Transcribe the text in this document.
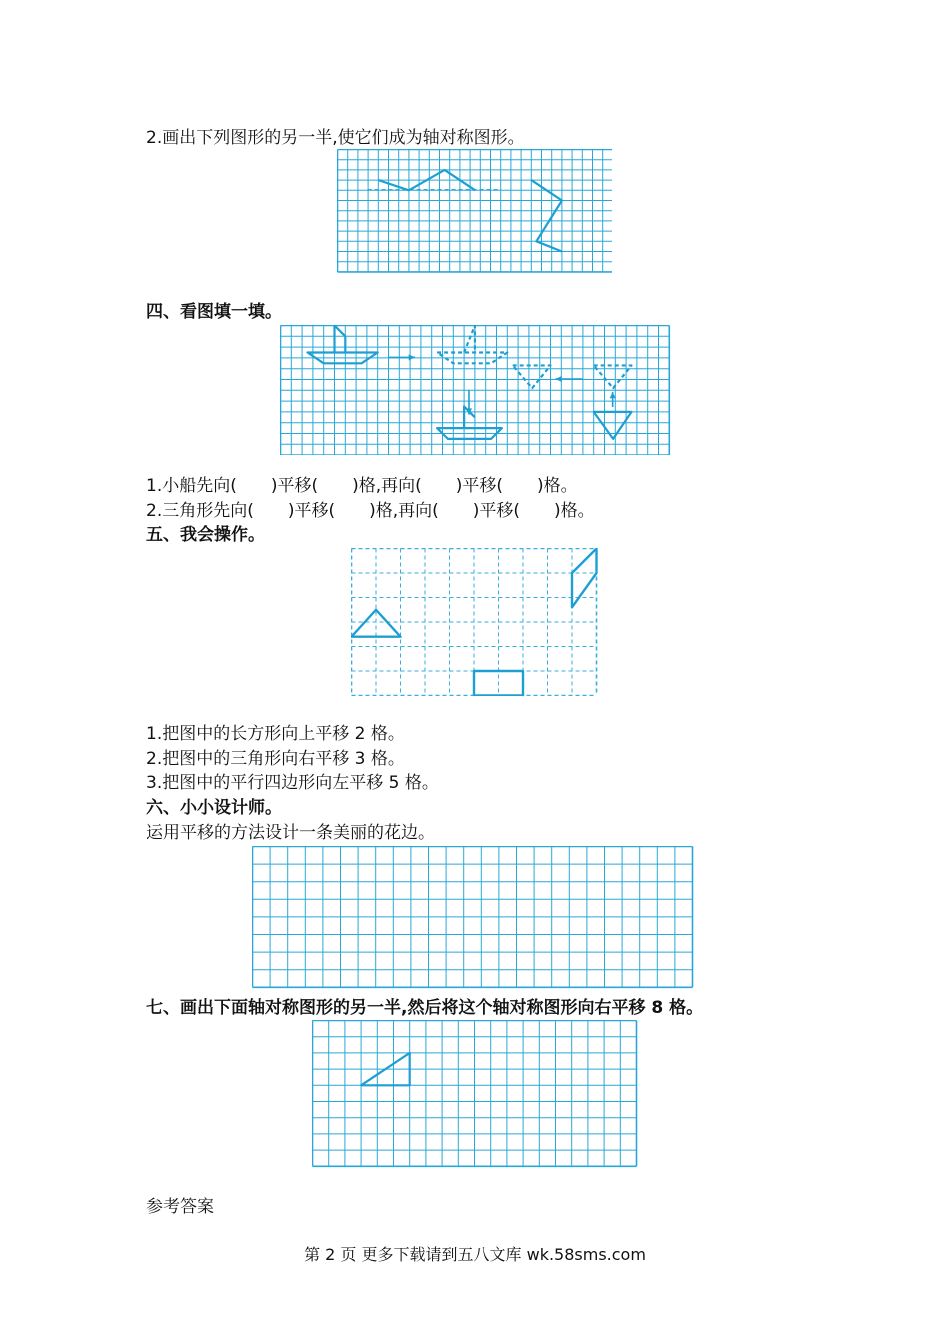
2.画出下列图形的另一半,使它们成为轴对称图形。
四、看图填一填。
1.小船先向(　　)平移(　　)格,再向(　　)平移(　　)格。
2.三角形先向(　　)平移(　　)格,再向(　　)平移(　　)格。
五、我会操作。
1.把图中的长方形向上平移 2 格。
2.把图中的三角形向右平移 3 格。
3.把图中的平行四边形向左平移 5 格。
六、小小设计师。
运用平移的方法设计一条美丽的花边。
七、画出下面轴对称图形的另一半,然后将这个轴对称图形向右平移 8 格。
参考答案
第 2 页 更多下载请到五八文库 wk.58sms.com
